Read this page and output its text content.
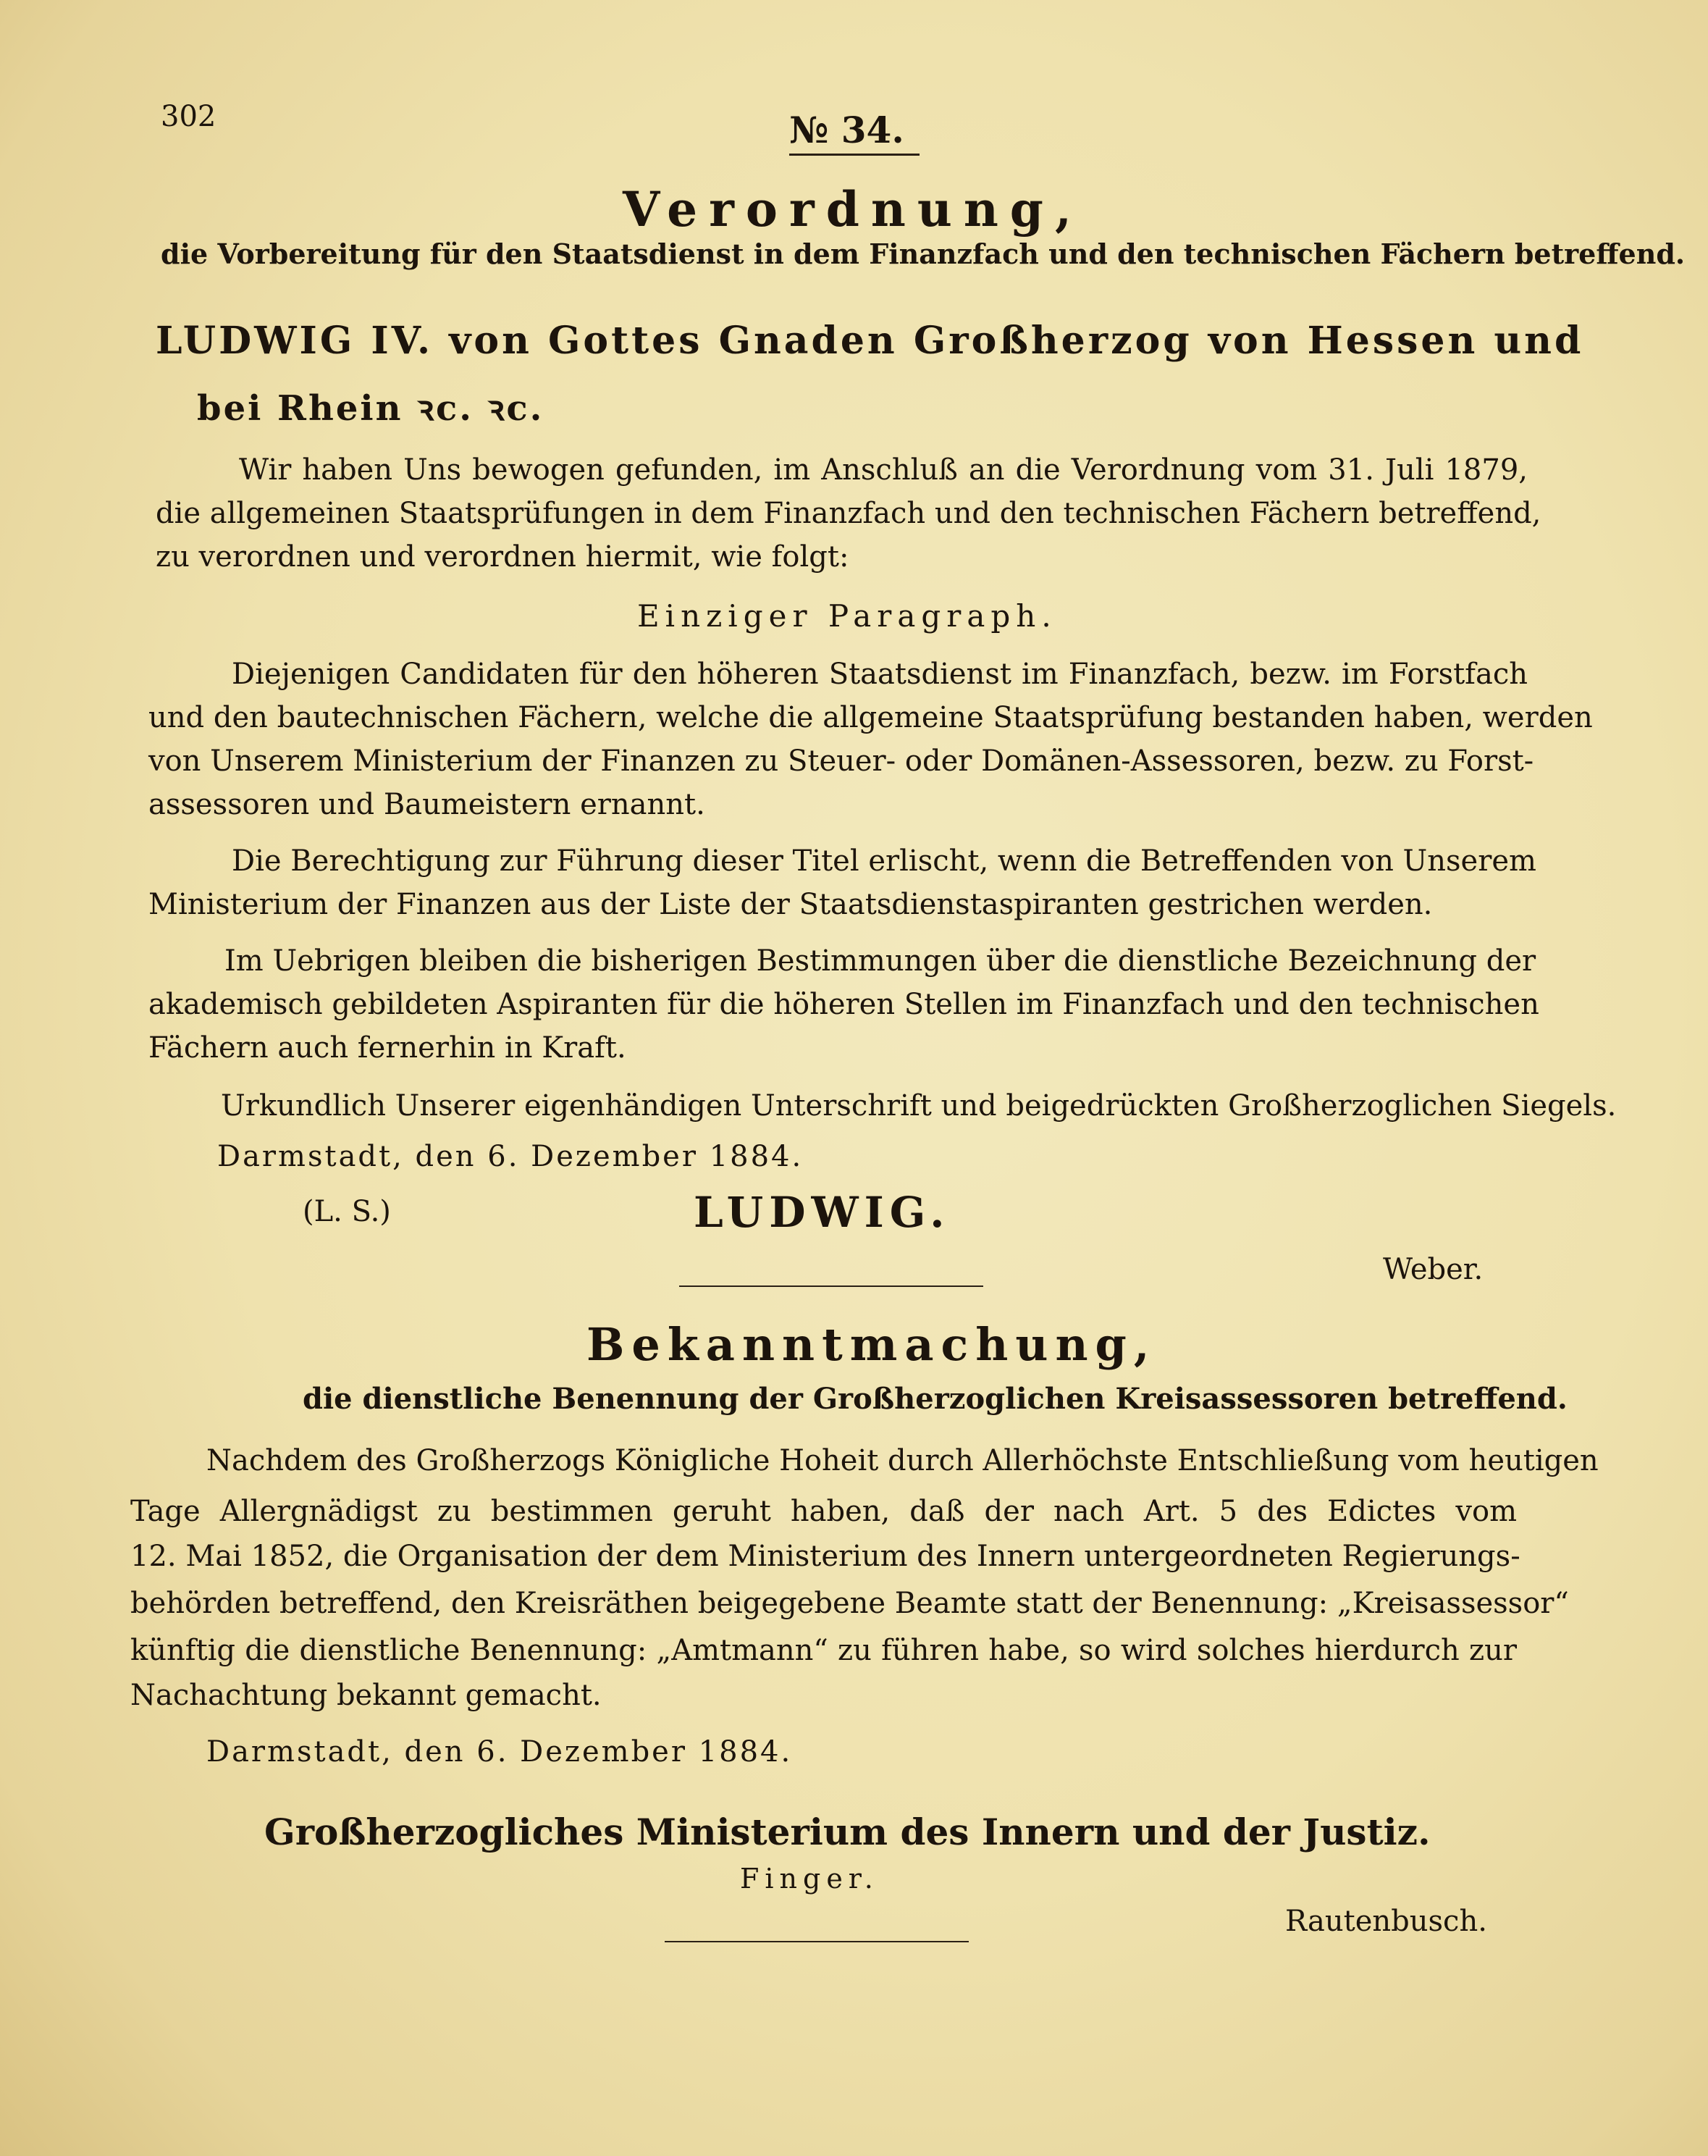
302	№ 34.
Verordnung,
die Vorbereitung für den Staatsdienst in dem Finanzfach und den technischen Fächern betreffend.
LUDWIG IV. von Gottes Gnaden Großherzog von Hessen und
bei Rhein ꝛc. ꝛc.
Wir haben Uns bewogen gefunden, im Anschluß an die Verordnung vom 31. Juli 1879,
die allgemeinen Staatsprüfungen in dem Finanzfach und den technischen Fächern betreffend,
zu verordnen und verordnen hiermit, wie folgt:
Einziger Paragraph.
Diejenigen Candidaten für den höheren Staatsdienst im Finanzfach, bezw. im Forstfach
und den bautechnischen Fächern, welche die allgemeine Staatsprüfung bestanden haben, werden
von Unserem Ministerium der Finanzen zu Steuer- oder Domänen-Assessoren, bezw. zu Forst-
assessoren und Baumeistern ernannt.
Die Berechtigung zur Führung dieser Titel erlischt, wenn die Betreffenden von Unserem
Ministerium der Finanzen aus der Liste der Staatsdienstaspiranten gestrichen werden.
Im Uebrigen bleiben die bisherigen Bestimmungen über die dienstliche Bezeichnung der
akademisch gebildeten Aspiranten für die höheren Stellen im Finanzfach und den technischen
Fächern auch fernerhin in Kraft.
Urkundlich Unserer eigenhändigen Unterschrift und beigedrückten Großherzoglichen Siegels.
Darmstadt, den 6. Dezember 1884.
(L. S.)	LUDWIG.
Weber.
Bekanntmachung,
die dienstliche Benennung der Großherzoglichen Kreisassessoren betreffend.
Nachdem des Großherzogs Königliche Hoheit durch Allerhöchste Entschließung vom heutigen
Tage Allergnädigst zu bestimmen geruht haben, daß der nach Art. 5 des Edictes vom
12. Mai 1852, die Organisation der dem Ministerium des Innern untergeordneten Regierungs-
behörden betreffend, den Kreisräthen beigegebene Beamte statt der Benennung: „Kreisassessor“
künftig die dienstliche Benennung: „Amtmann“ zu führen habe, so wird solches hierdurch zur
Nachachtung bekannt gemacht.
Darmstadt, den 6. Dezember 1884.
Großherzogliches Ministerium des Innern und der Justiz.
Finger.
Rautenbusch.
